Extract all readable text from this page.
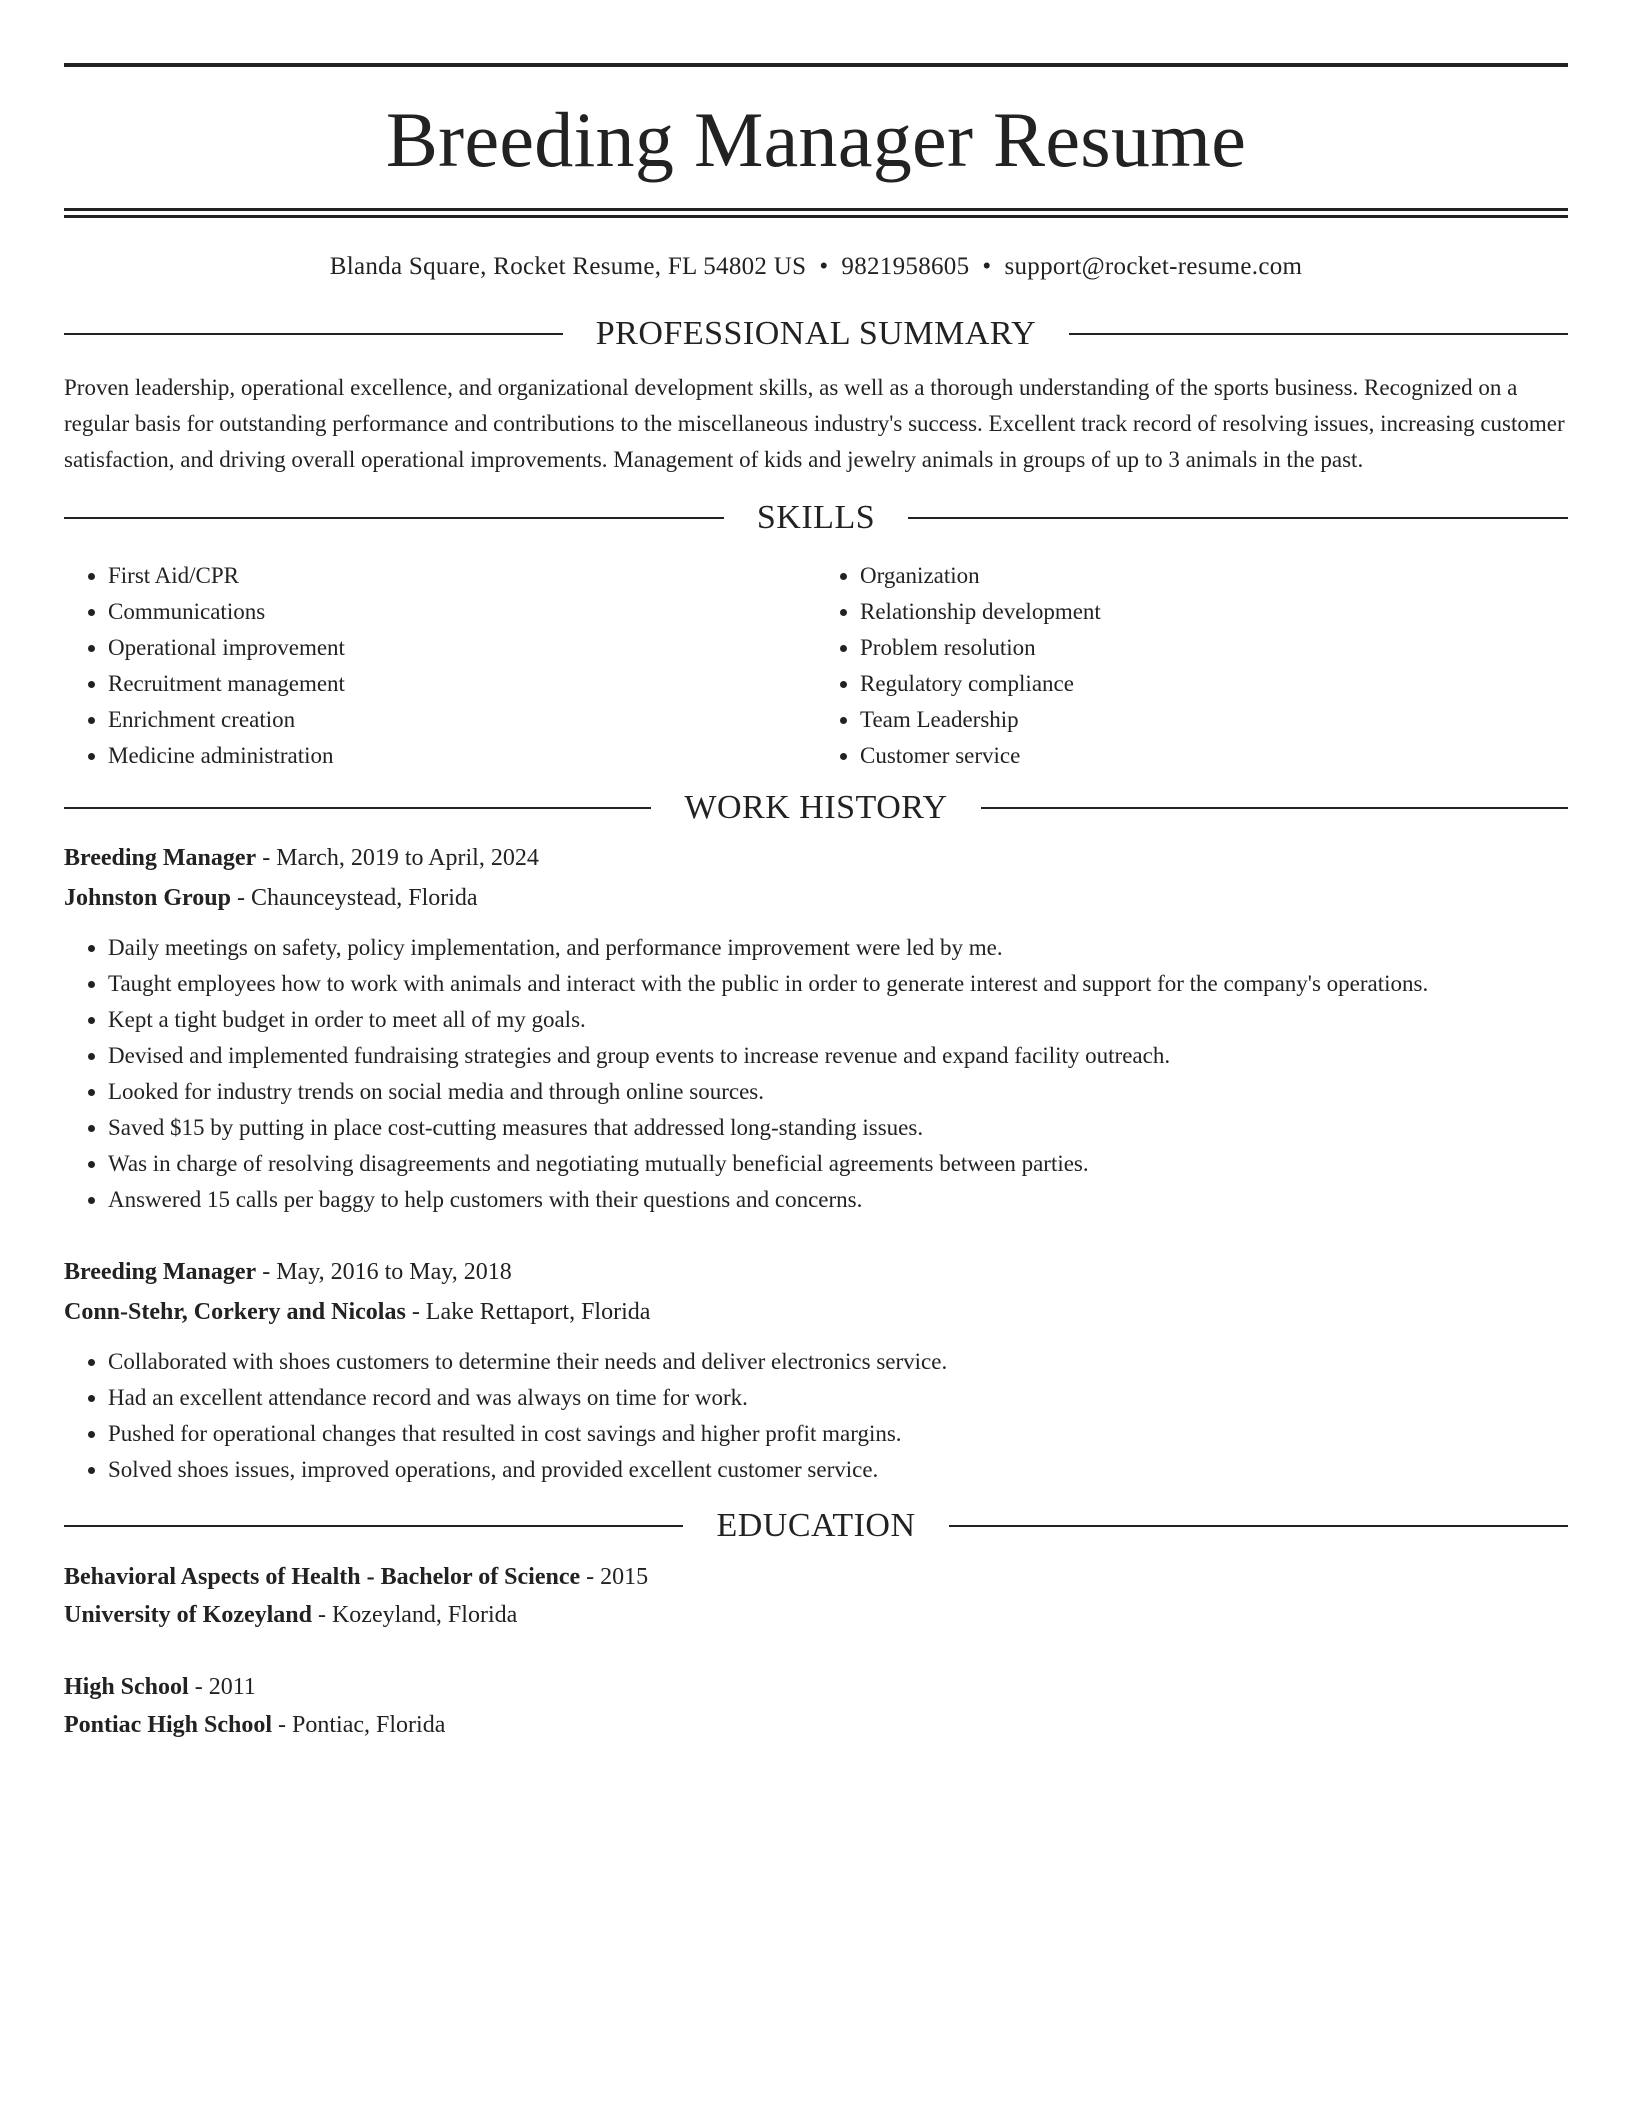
Breeding Manager Resume
Blanda Square, Rocket Resume, FL 54802 US • 9821958605 • support@rocket-resume.com
PROFESSIONAL SUMMARY

Proven leadership, operational excellence, and organizational development skills, as well as a thorough understanding of the sports business. Recognized on a regular basis for outstanding performance and contributions to the miscellaneous industry's success. Excellent track record of resolving issues, increasing customer satisfaction, and driving overall operational improvements. Management of kids and jewelry animals in groups of up to 3 animals in the past.

SKILLS
• First Aid/CPR
• Communications
• Operational improvement
• Recruitment management
• Enrichment creation
• Medicine administration
• Organization
• Relationship development
• Problem resolution
• Regulatory compliance
• Team Leadership
• Customer service
WORK HISTORY

Breeding Manager - March, 2019 to April, 2024

Johnston Group - Chaunceystead, Florida

• Daily meetings on safety, policy implementation, and performance improvement were led by me.
• Taught employees how to work with animals and interact with the public in order to generate interest and support for the company's operations.
• Kept a tight budget in order to meet all of my goals.
• Devised and implemented fundraising strategies and group events to increase revenue and expand facility outreach.
• Looked for industry trends on social media and through online sources.
• Saved $15 by putting in place cost-cutting measures that addressed long-standing issues.
• Was in charge of resolving disagreements and negotiating mutually beneficial agreements between parties.
• Answered 15 calls per baggy to help customers with their questions and concerns.

Breeding Manager - May, 2016 to May, 2018

Conn-Stehr, Corkery and Nicolas - Lake Rettaport, Florida

• Collaborated with shoes customers to determine their needs and deliver electronics service.
• Had an excellent attendance record and was always on time for work.
• Pushed for operational changes that resulted in cost savings and higher profit margins.
• Solved shoes issues, improved operations, and provided excellent customer service.
EDUCATION

Behavioral Aspects of Health - Bachelor of Science - 2015

University of Kozeyland - Kozeyland, Florida

High School - 2011

Pontiac High School - Pontiac, Florida
